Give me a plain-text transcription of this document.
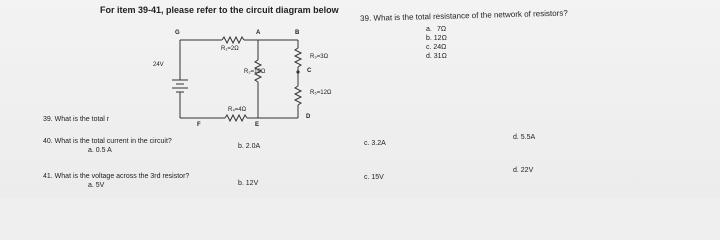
For item 39-41, please refer to the circuit diagram below
G	A	B
C
D
E
F
24V
R₁=2Ω
R₂=10Ω
R₃=3Ω
R₄=4Ω
R₅=12Ω
39. What is the total resistance of the network of resistors?
a. 7Ω
b. 12Ω
c. 24Ω
d. 31Ω
39. What is the total r
40. What is the total current in the circuit?
a. 0.5 A
b. 2.0A	c. 3.2A
d. 5.5A
41. What is the voltage across the 3rd resistor?
a. 5V	b. 12V
c. 15V
d. 22V
